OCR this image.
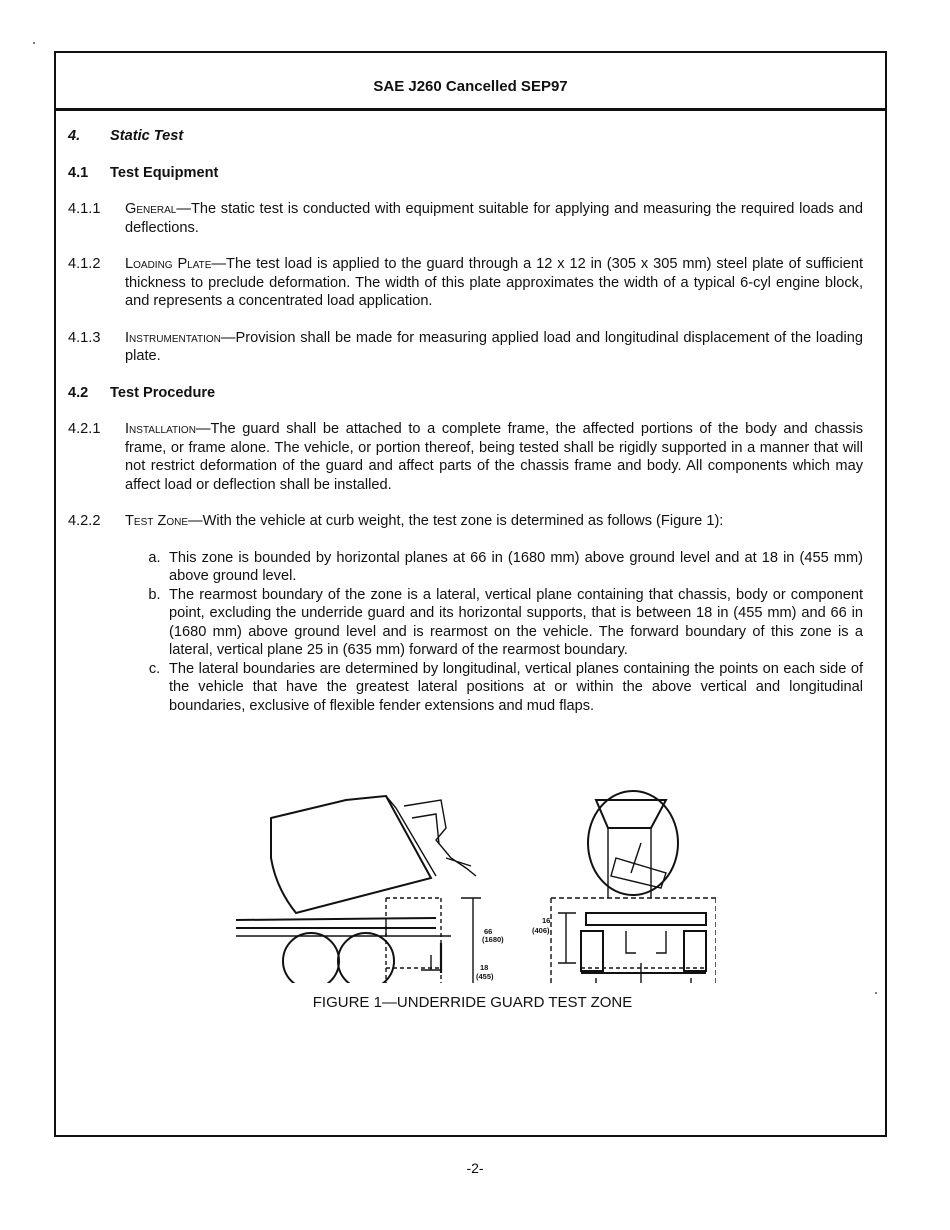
SAE J260 Cancelled SEP97
4.	Static Test
4.1	Test Equipment
4.1.1	General—The static test is conducted with equipment suitable for applying and measuring the required loads and deflections.
4.1.2	Loading Plate—The test load is applied to the guard through a 12 x 12 in (305 x 305 mm) steel plate of sufficient thickness to preclude deformation. The width of this plate approximates the width of a typical 6-cyl engine block, and represents a concentrated load application.
4.1.3	Instrumentation—Provision shall be made for measuring applied load and longitudinal displacement of the loading plate.
4.2	Test Procedure
4.2.1	Installation—The guard shall be attached to a complete frame, the affected portions of the body and chassis frame, or frame alone. The vehicle, or portion thereof, being tested shall be rigidly supported in a manner that will not restrict deformation of the guard and affect parts of the chassis frame and body. All components which may affect load or deflection shall be installed.
4.2.2	Test Zone—With the vehicle at curb weight, the test zone is determined as follows (Figure 1):
a. This zone is bounded by horizontal planes at 66 in (1680 mm) above ground level and at 18 in (455 mm) above ground level.
b. The rearmost boundary of the zone is a lateral, vertical plane containing that chassis, body or component point, excluding the underride guard and its horizontal supports, that is between 18 in (455 mm) and 66 in (1680 mm) above ground level and is rearmost on the vehicle. The forward boundary of this zone is a lateral, vertical plane 25 in (635 mm) forward of the rearmost boundary.
c. The lateral boundaries are determined by longitudinal, vertical planes containing the points on each side of the vehicle that have the greatest lateral positions at or within the above vertical and longitudinal boundaries, exclusive of flexible fender extensions and mud flaps.
66
(1680)
18
(455)
16
(406)
FIGURE 1—UNDERRIDE GUARD TEST ZONE
-2-
